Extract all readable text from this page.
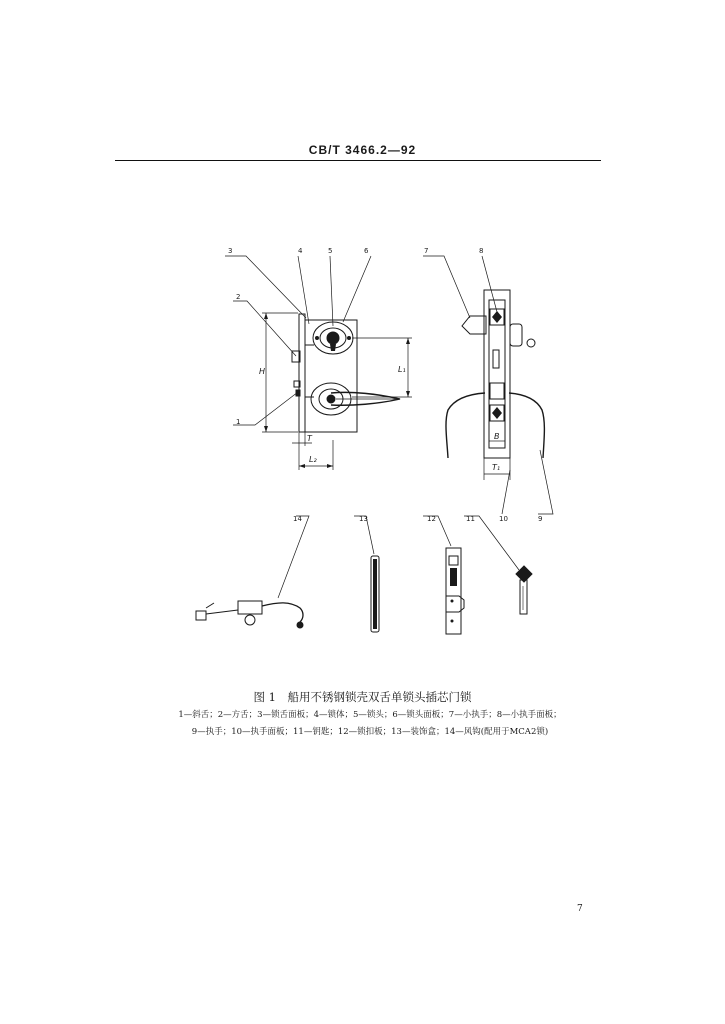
CB/T 3466.2—92
H	L₁
T
L₂
B
T₁
3	4	5	6
2
1
7	8
10	9
14	13	12	11
图 1　船用不锈钢锁壳双舌单锁头插芯门锁
1—斜舌；2—方舌；3—锁舌面板；4—锁体；5—锁头；6—锁头面板；7—小执手；8—小执手面板；
9—执手；10—执手面板；11—钥匙；12—锁扣板；13—装饰盒；14—风钩(配用于MCA2锁)
7
